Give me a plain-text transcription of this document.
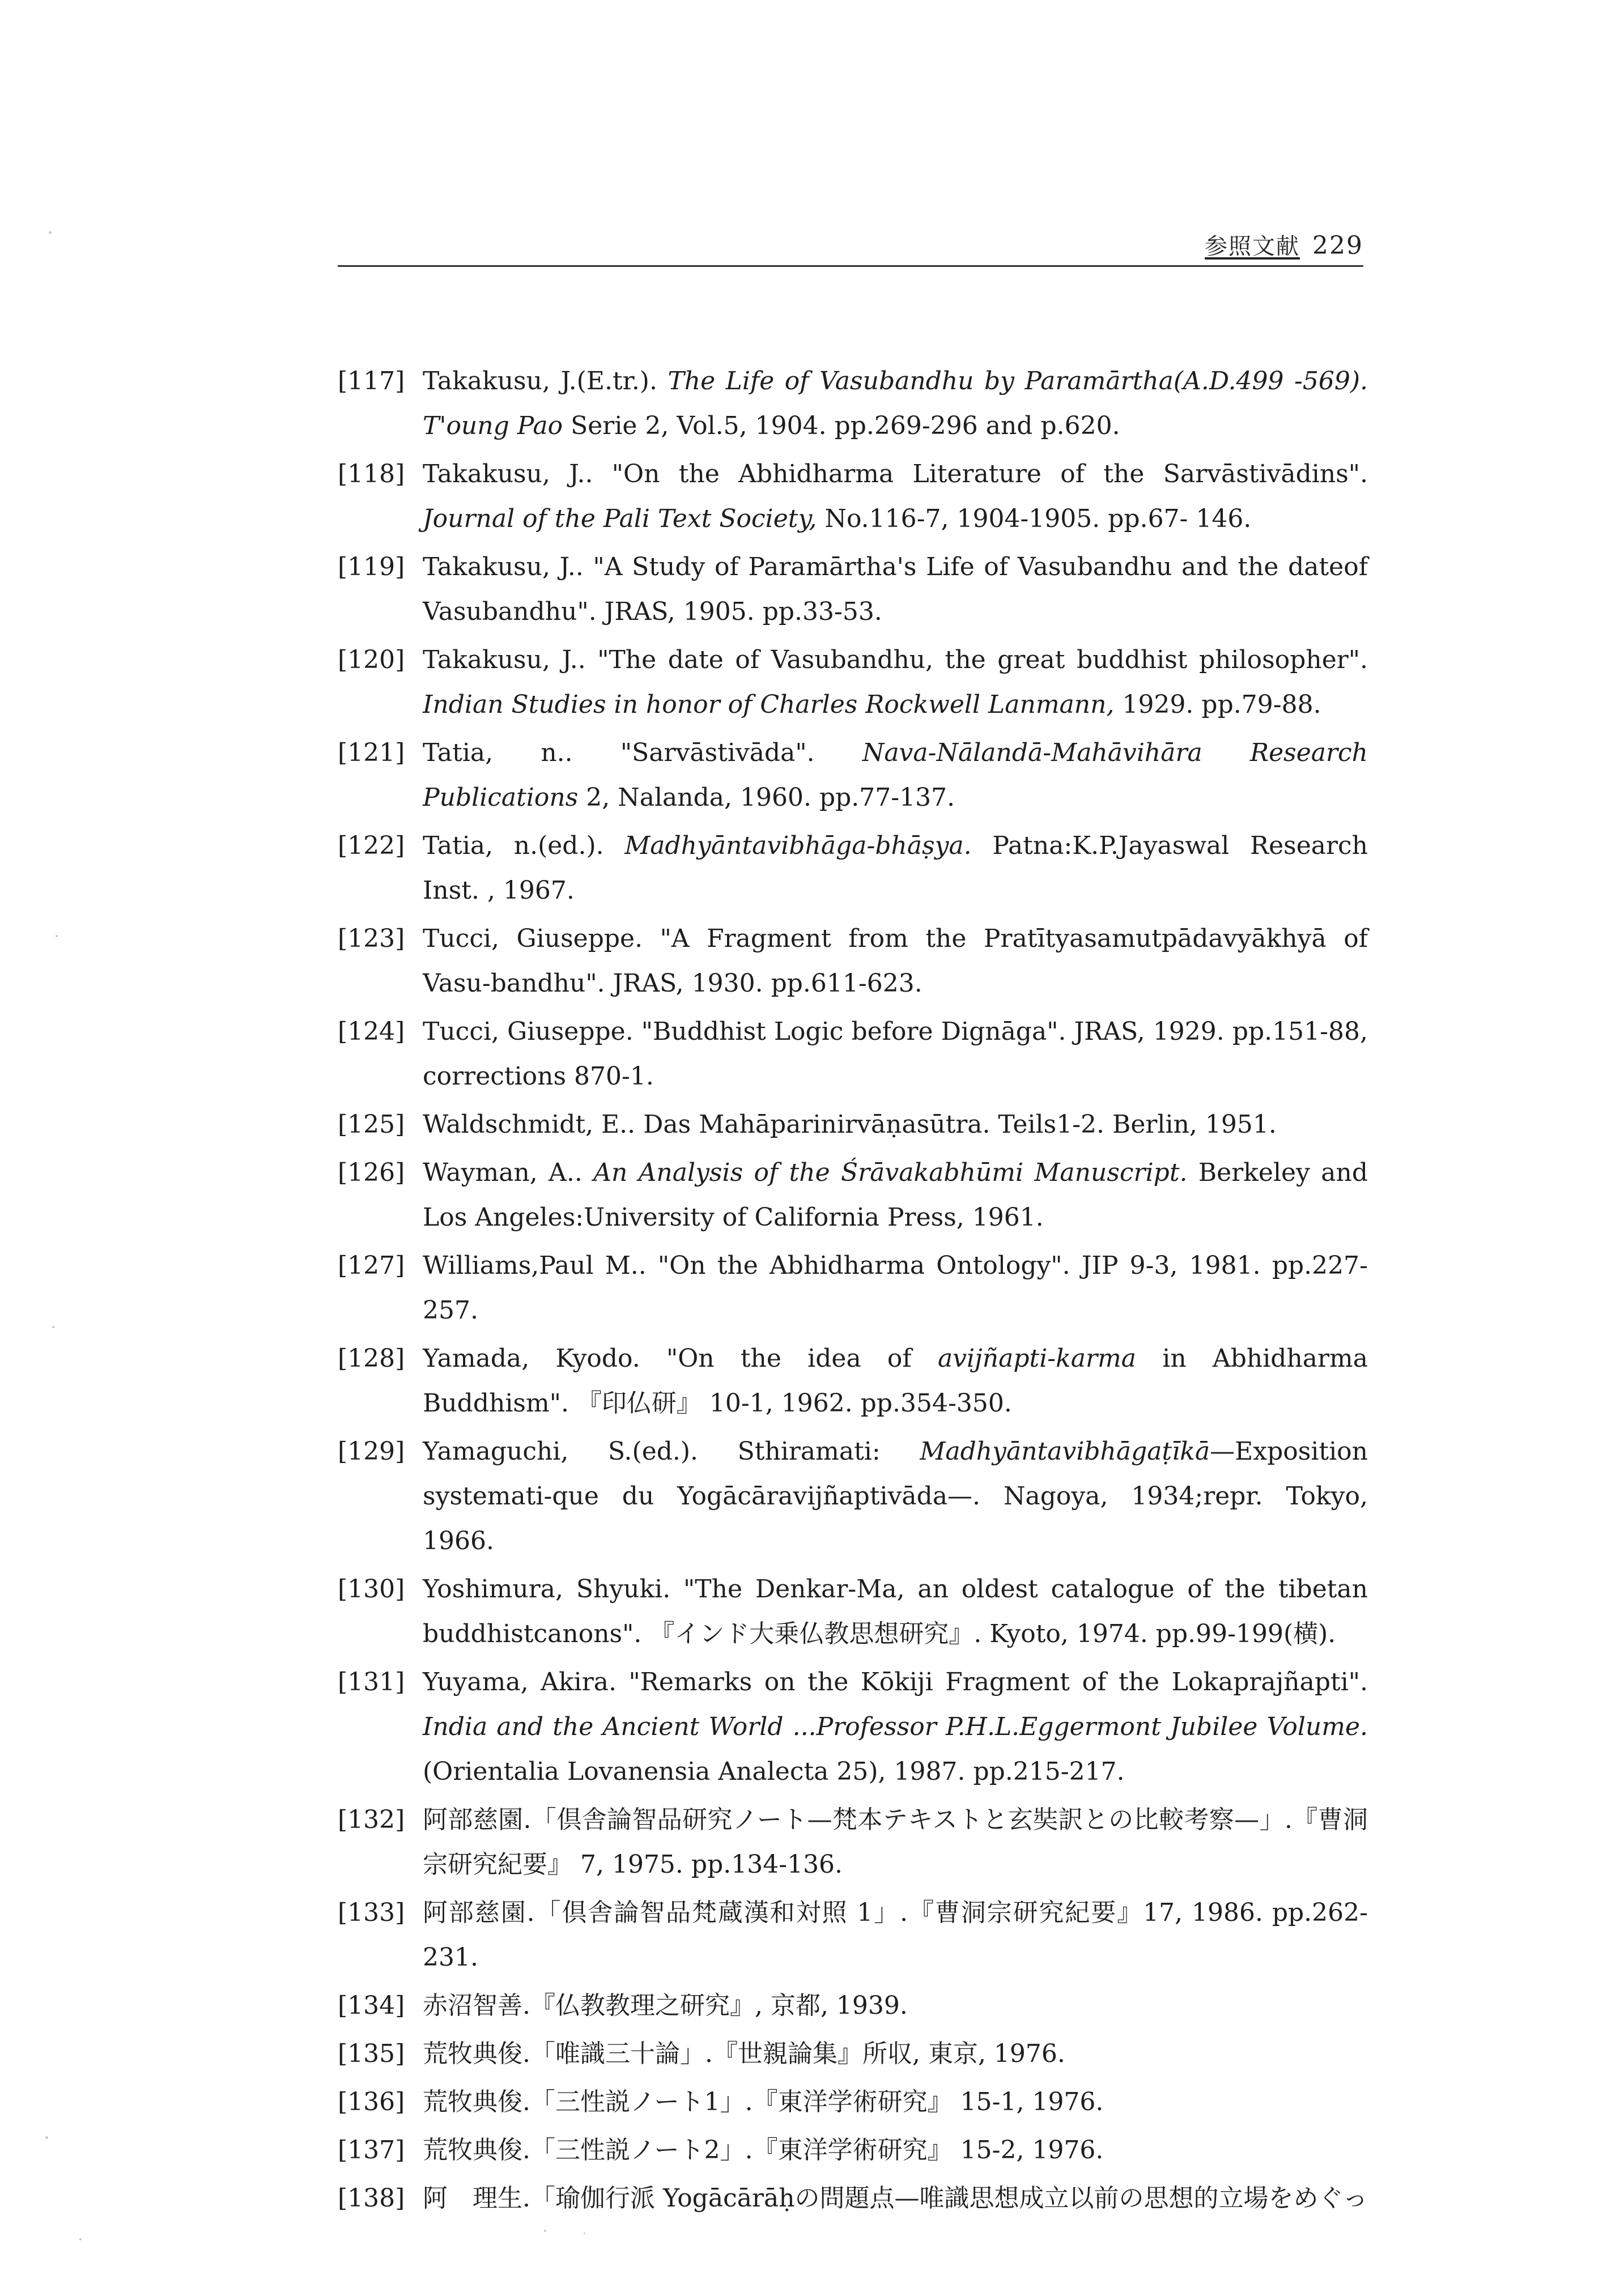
参照文献 229
[117] Takakusu, J.(E.tr.). The Life of Vasubandhu by Paramārtha(A.D.499 -569). T'oung Pao Serie 2, Vol.5, 1904. pp.269-296 and p.620.
[118] Takakusu, J.. "On the Abhidharma Literature of the Sarvāstivādins". Journal of the Pali Text Society, No.116-7, 1904-1905. pp.67- 146.
[119] Takakusu, J.. "A Study of Paramārtha's Life of Vasubandhu and the dateof Vasubandhu". JRAS, 1905. pp.33-53.
[120] Takakusu, J.. "The date of Vasubandhu, the great buddhist philosopher". Indian Studies in honor of Charles Rockwell Lanmann, 1929. pp.79-88.
[121] Tatia, n.. "Sarvāstivāda". Nava-Nālandā-Mahāvihāra Research Publications 2, Nalanda, 1960. pp.77-137.
[122] Tatia, n.(ed.). Madhyāntavibhāga-bhāṣya. Patna:K.P.Jayaswal Research Inst. , 1967.
[123] Tucci, Giuseppe. "A Fragment from the Pratītyasamutpādavyākhyā of Vasu-bandhu". JRAS, 1930. pp.611-623.
[124] Tucci, Giuseppe. "Buddhist Logic before Dignāga". JRAS, 1929. pp.151-88, corrections 870-1.
[125] Waldschmidt, E.. Das Mahāparinirvāṇasūtra. Teils1-2. Berlin, 1951.
[126] Wayman, A.. An Analysis of the Śrāvakabhūmi Manuscript. Berkeley and Los Angeles:University of California Press, 1961.
[127] Williams,Paul M.. "On the Abhidharma Ontology". JIP 9-3, 1981. pp.227- 257.
[128] Yamada, Kyodo. "On the idea of avijñapti-karma in Abhidharma Buddhism". 『印仏研』 10-1, 1962. pp.354-350.
[129] Yamaguchi, S.(ed.). Sthiramati: Madhyāntavibhāgaṭīkā—Exposition systemati-que du Yogācāravijñaptivāda—. Nagoya, 1934;repr. Tokyo, 1966.
[130] Yoshimura, Shyuki. "The Denkar-Ma, an oldest catalogue of the tibetan buddhistcanons". 『インド大乗仏教思想研究』. Kyoto, 1974. pp.99-199(横).
[131] Yuyama, Akira. "Remarks on the Kōkiji Fragment of the Lokaprajñapti". India and the Ancient World ...Professor P.H.L.Eggermont Jubilee Volume. (Orientalia Lovanensia Analecta 25), 1987. pp.215-217.
[132] 阿部慈園.「倶舎論智品研究ノート—梵本テキストと玄奘訳との比較考察—」.『曹洞宗研究紀要』 7, 1975. pp.134-136.
[133] 阿部慈園.「倶舎論智品梵蔵漢和対照 1」.『曹洞宗研究紀要』17, 1986. pp.262- 231.
[134] 赤沼智善.『仏教教理之研究』, 京都, 1939.
[135] 荒牧典俊.「唯識三十論」.『世親論集』所収, 東京, 1976.
[136] 荒牧典俊.「三性説ノート1」.『東洋学術研究』 15-1, 1976.
[137] 荒牧典俊.「三性説ノート2」.『東洋学術研究』 15-2, 1976.
[138] 阿　理生.「瑜伽行派 Yogācārāḥの問題点—唯識思想成立以前の思想的立場をめぐっ
